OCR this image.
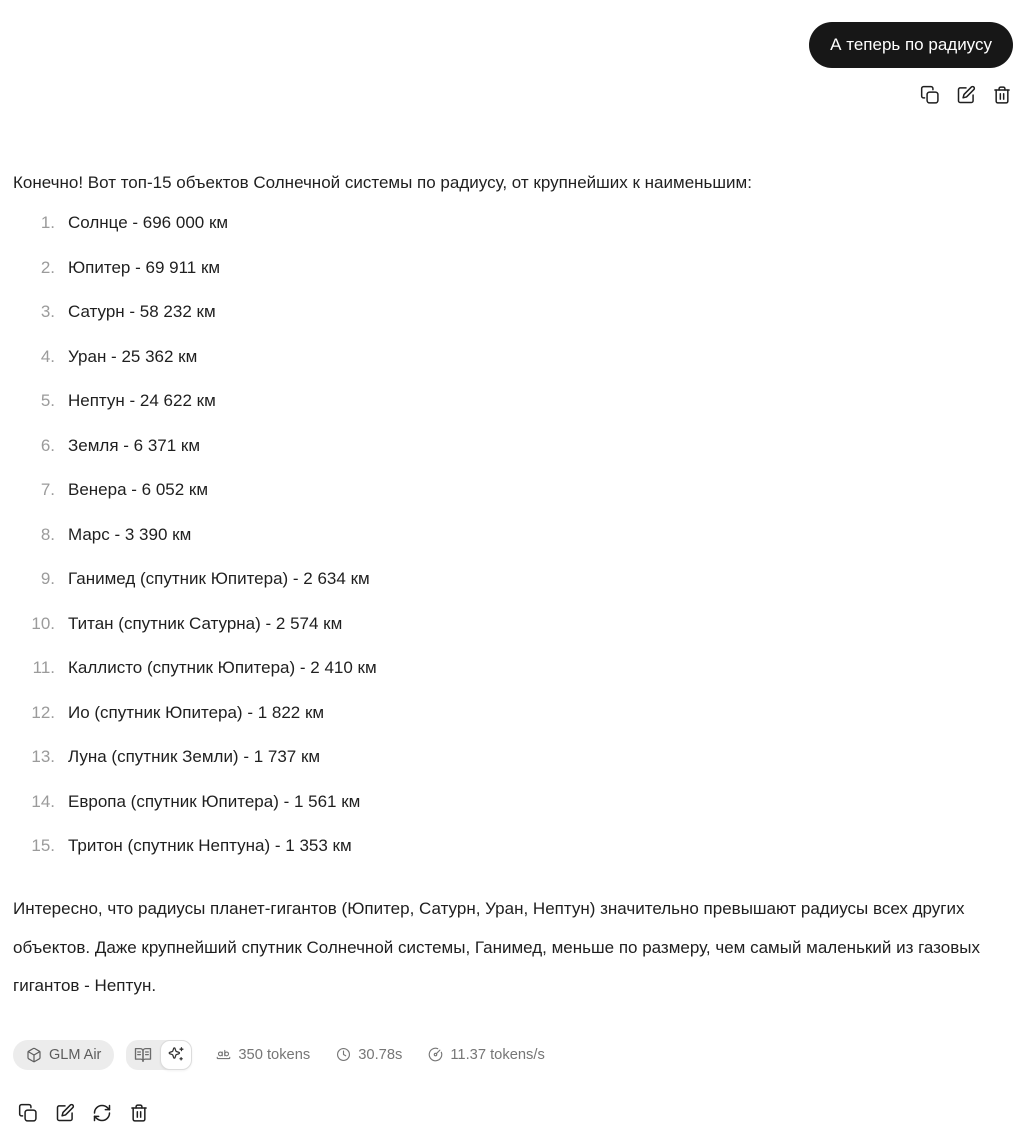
А теперь по радиусу

Конечно! Вот топ-15 объектов Солнечной системы по радиусу, от крупнейших к наименьшим:

1. Солнце - 696 000 км
2. Юпитер - 69 911 км
3. Сатурн - 58 232 км
4. Уран - 25 362 км
5. Нептун - 24 622 км
6. Земля - 6 371 км
7. Венера - 6 052 км
8. Марс - 3 390 км
9. Ганимед (спутник Юпитера) - 2 634 км
10. Титан (спутник Сатурна) - 2 574 км
11. Каллисто (спутник Юпитера) - 2 410 км
12. Ио (спутник Юпитера) - 1 822 км
13. Луна (спутник Земли) - 1 737 км
14. Европа (спутник Юпитера) - 1 561 км
15. Тритон (спутник Нептуна) - 1 353 км

Интересно, что радиусы планет-гигантов (Юпитер, Сатурн, Уран, Нептун) значительно превышают радиусы всех других объектов. Даже крупнейший спутник Солнечной системы, Ганимед, меньше по размеру, чем самый маленький из газовых гигантов - Нептун.

GLM Air	350 tokens	30.78s	11.37 tokens/s
